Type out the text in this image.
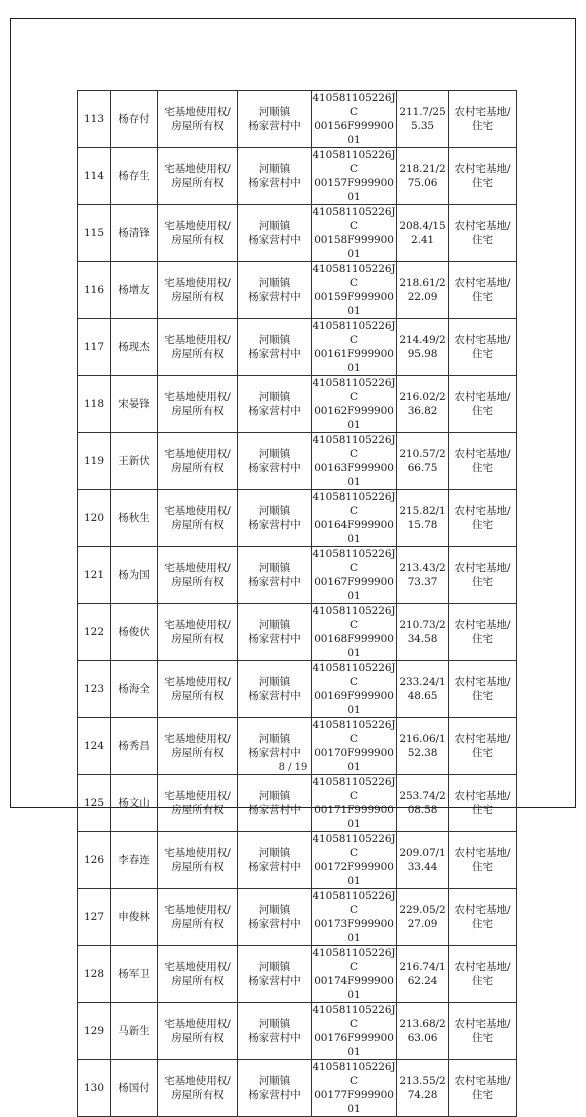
113	杨存付	宅基地使用权/
房屋所有权	河顺镇
杨家营村中	410581105226JC
00156F99990001	211.7/25
5.35	农村宅基地/
住宅

114	杨存生	宅基地使用权/
房屋所有权	河顺镇
杨家营村中	410581105226JC
00157F99990001	218.21/2
75.06	农村宅基地/
住宅

115	杨清锋	宅基地使用权/
房屋所有权	河顺镇
杨家营村中	410581105226JC
00158F99990001	208.4/15
2.41	农村宅基地/
住宅

116	杨增友	宅基地使用权/
房屋所有权	河顺镇
杨家营村中	410581105226JC
00159F99990001	218.61/2
22.09	农村宅基地/
住宅

117	杨现杰	宅基地使用权/
房屋所有权	河顺镇
杨家营村中	410581105226JC
00161F99990001	214.49/2
95.98	农村宅基地/
住宅

118	宋晏锋	宅基地使用权/
房屋所有权	河顺镇
杨家营村中	410581105226JC
00162F99990001	216.02/2
36.82	农村宅基地/
住宅

119	王新伏	宅基地使用权/
房屋所有权	河顺镇
杨家营村中	410581105226JC
00163F99990001	210.57/2
66.75	农村宅基地/
住宅

120	杨秋生	宅基地使用权/
房屋所有权	河顺镇
杨家营村中	410581105226JC
00164F99990001	215.82/1
15.78	农村宅基地/
住宅

121	杨为国	宅基地使用权/
房屋所有权	河顺镇
杨家营村中	410581105226JC
00167F99990001	213.43/2
73.37	农村宅基地/
住宅

122	杨俊伏	宅基地使用权/
房屋所有权	河顺镇
杨家营村中	410581105226JC
00168F99990001	210.73/2
34.58	农村宅基地/
住宅

123	杨海全	宅基地使用权/
房屋所有权	河顺镇
杨家营村中	410581105226JC
00169F99990001	233.24/1
48.65	农村宅基地/
住宅

124	杨秀昌	宅基地使用权/
房屋所有权	河顺镇
杨家营村中	410581105226JC
00170F99990001	216.06/1
52.38	农村宅基地/
住宅

125	杨文山	宅基地使用权/
房屋所有权	河顺镇
杨家营村中	410581105226JC
00171F99990001	253.74/2
08.58	农村宅基地/
住宅

126	李春连	宅基地使用权/
房屋所有权	河顺镇
杨家营村中	410581105226JC
00172F99990001	209.07/1
33.44	农村宅基地/
住宅

127	申俊林	宅基地使用权/
房屋所有权	河顺镇
杨家营村中	410581105226JC
00173F99990001	229.05/2
27.09	农村宅基地/
住宅

128	杨军卫	宅基地使用权/
房屋所有权	河顺镇
杨家营村中	410581105226JC
00174F99990001	216.74/1
62.24	农村宅基地/
住宅

129	马新生	宅基地使用权/
房屋所有权	河顺镇
杨家营村中	410581105226JC
00176F99990001	213.68/2
63.06	农村宅基地/
住宅

130	杨国付	宅基地使用权/
房屋所有权	河顺镇
杨家营村中	410581105226JC
00177F99990001	213.55/2
74.28	农村宅基地/
住宅
8 / 19
